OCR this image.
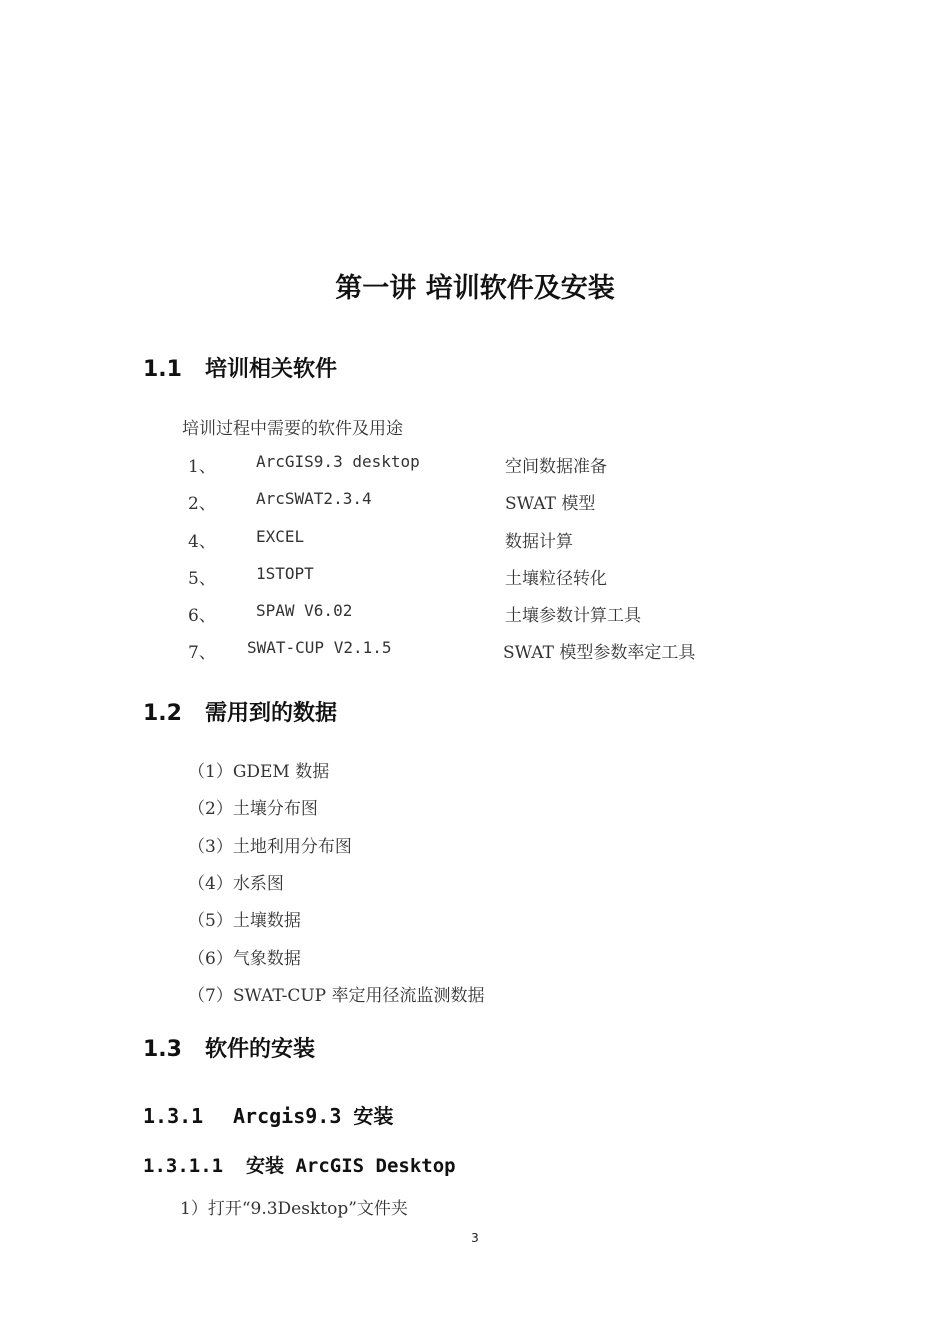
第一讲 培训软件及安装
1.1 培训相关软件
培训过程中需要的软件及用途
1、	ArcGIS9.3 desktop	空间数据准备
2、	ArcSWAT2.3.4	SWAT 模型
4、	EXCEL	数据计算
5、	1STOPT	土壤粒径转化
6、	SPAW V6.02	土壤参数计算工具
7、 SWAT-CUP V2.1.5	SWAT 模型参数率定工具
1.2 需用到的数据
（1）GDEM 数据
（2）土壤分布图
（3）土地利用分布图
（4）水系图
（5）土壤数据
（6）气象数据
（7）SWAT-CUP 率定用径流监测数据
1.3 软件的安装
1.3.1 Arcgis9.3 安装
1.3.1.1 安装 ArcGIS Desktop
1）打开“9.3Desktop”文件夹
3
